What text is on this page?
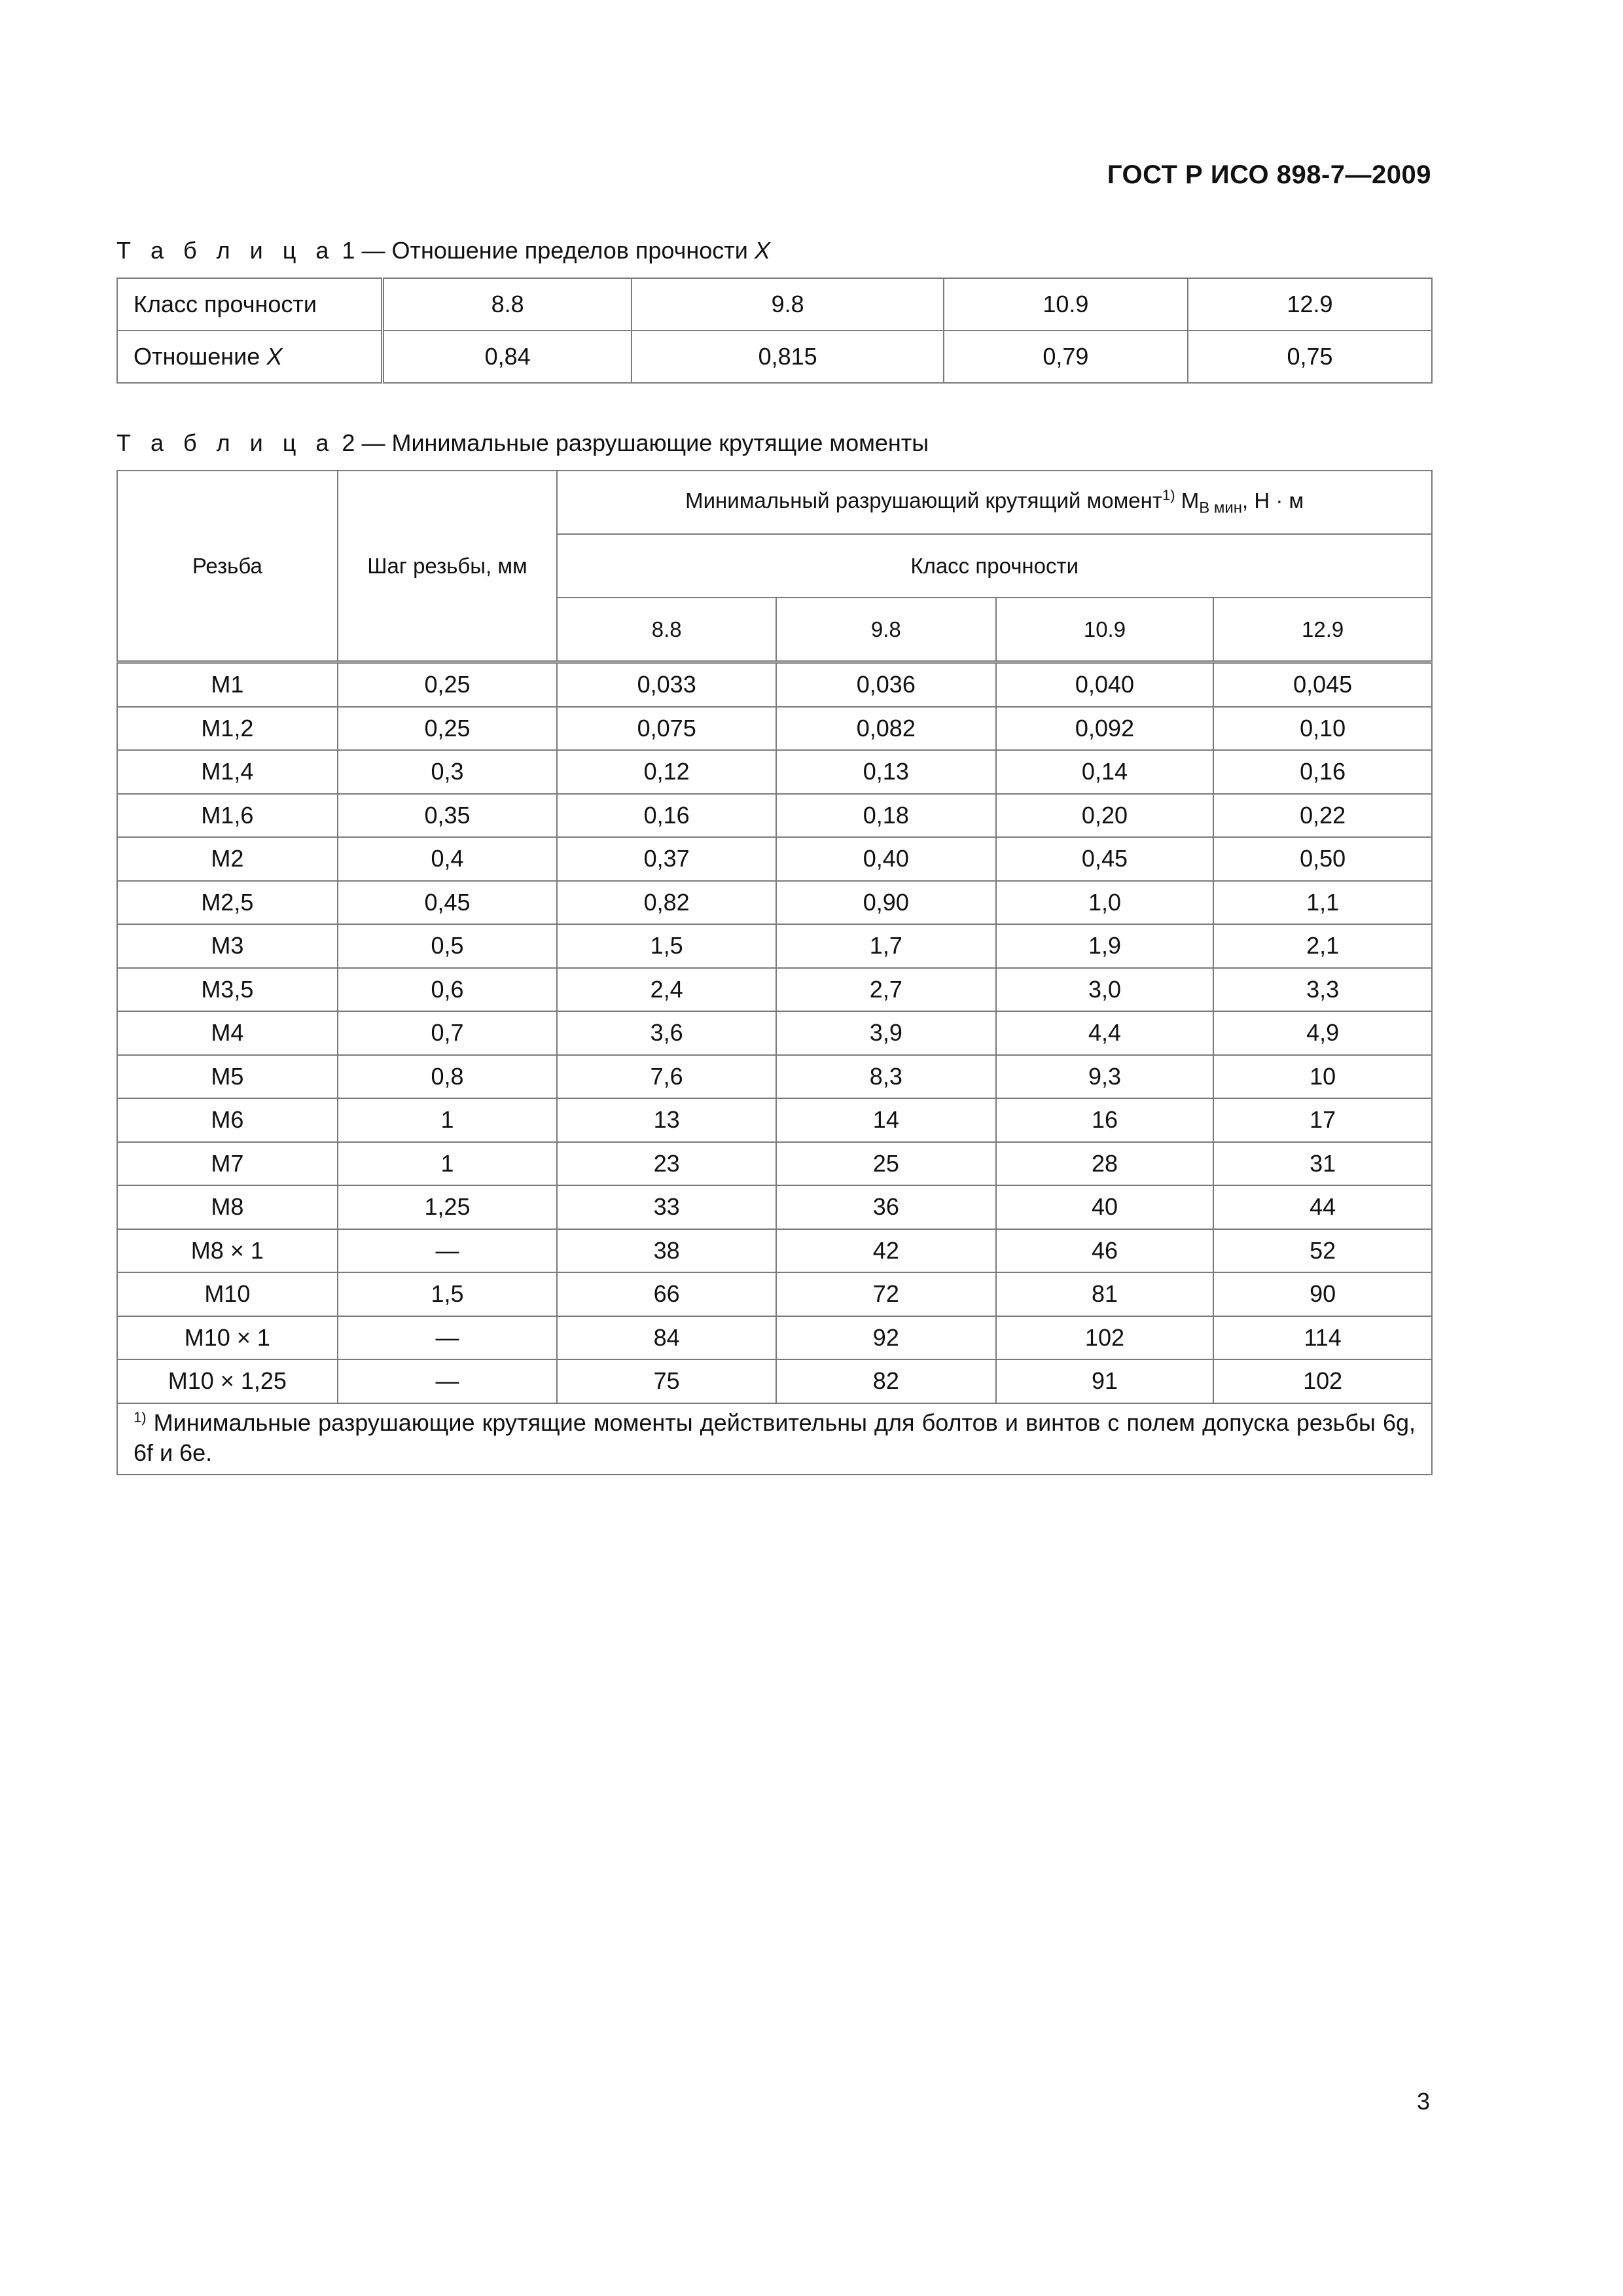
ГОСТ Р ИСО 898-7—2009
Т а б л и ц а 1 — Отношение пределов прочности X
Класс прочности	8.8	9.8	10.9	12.9
Отношение X	0,84	0,815	0,79	0,75
Т а б л и ц а 2 — Минимальные разрушающие крутящие моменты
Резьба	Шаг резьбы, мм	Минимальный разрушающий крутящий момент$^{1)}$ $M_{B мин}$, Н · м			
		Класс прочности			
		8.8	9.8	10.9	12.9
M1	0,25	0,033	0,036	0,040	0,045
M1,2	0,25	0,075	0,082	0,092	0,10
M1,4	0,3	0,12	0,13	0,14	0,16
M1,6	0,35	0,16	0,18	0,20	0,22
M2	0,4	0,37	0,40	0,45	0,50
M2,5	0,45	0,82	0,90	1,0	1,1
M3	0,5	1,5	1,7	1,9	2,1
M3,5	0,6	2,4	2,7	3,0	3,3
M4	0,7	3,6	3,9	4,4	4,9
M5	0,8	7,6	8,3	9,3	10
M6	1	13	14	16	17
M7	1	23	25	28	31
M8	1,25	33	36	40	44
M8 × 1	—	38	42	46	52
M10	1,5	66	72	81	90
M10 × 1	—	84	92	102	114
M10 × 1,25	—	75	82	91	102
$^{1)}$ Минимальные разрушающие крутящие моменты действительны для болтов и винтов с полем допуска резьбы 6g, 6f и 6e.					
3
